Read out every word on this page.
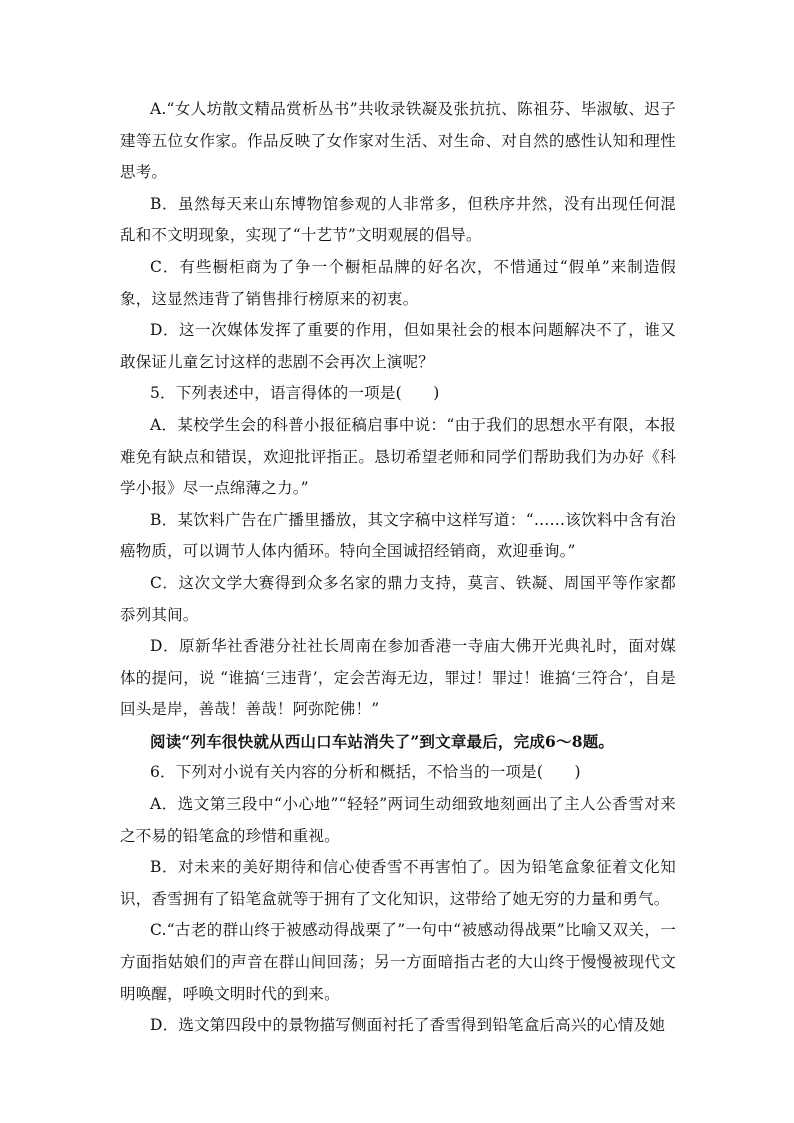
A.“女人坊散文精品赏析丛书”共收录铁凝及张抗抗、陈祖芬、毕淑敏、迟子建等五位女作家。作品反映了女作家对生活、对生命、对自然的感性认知和理性思考。

B．虽然每天来山东博物馆参观的人非常多，但秩序井然，没有出现任何混乱和不文明现象，实现了“十艺节”文明观展的倡导。

C．有些橱柜商为了争一个橱柜品牌的好名次，不惜通过“假单”来制造假象，这显然违背了销售排行榜原来的初衷。

D．这一次媒体发挥了重要的作用，但如果社会的根本问题解决不了，谁又敢保证儿童乞讨这样的悲剧不会再次上演呢？

5．下列表述中，语言得体的一项是(　　)

A．某校学生会的科普小报征稿启事中说：“由于我们的思想水平有限，本报难免有缺点和错误，欢迎批评指正。恳切希望老师和同学们帮助我们为办好《科学小报》尽一点绵薄之力。”

B．某饮料广告在广播里播放，其文字稿中这样写道：“……该饮料中含有治癌物质，可以调节人体内循环。特向全国诚招经销商，欢迎垂询。”

C．这次文学大赛得到众多名家的鼎力支持，莫言、铁凝、周国平等作家都忝列其间。

D．原新华社香港分社社长周南在参加香港一寺庙大佛开光典礼时，面对媒体的提问，说 “谁搞‘三违背’，定会苦海无边，罪过！罪过！谁搞‘三符合’，自是回头是岸，善哉！善哉！阿弥陀佛！”

阅读“列车很快就从西山口车站消失了”到文章最后，完成6～8题。

6．下列对小说有关内容的分析和概括，不恰当的一项是(　　)

A．选文第三段中“小心地”“轻轻”两词生动细致地刻画出了主人公香雪对来之不易的铅笔盒的珍惜和重视。

B．对未来的美好期待和信心使香雪不再害怕了。因为铅笔盒象征着文化知识，香雪拥有了铅笔盒就等于拥有了文化知识，这带给了她无穷的力量和勇气。

C.“古老的群山终于被感动得战栗了”一句中“被感动得战栗”比喻又双关，一方面指姑娘们的声音在群山间回荡；另一方面暗指古老的大山终于慢慢被现代文明唤醒，呼唤文明时代的到来。

D．选文第四段中的景物描写侧面衬托了香雪得到铅笔盒后高兴的心情及她
